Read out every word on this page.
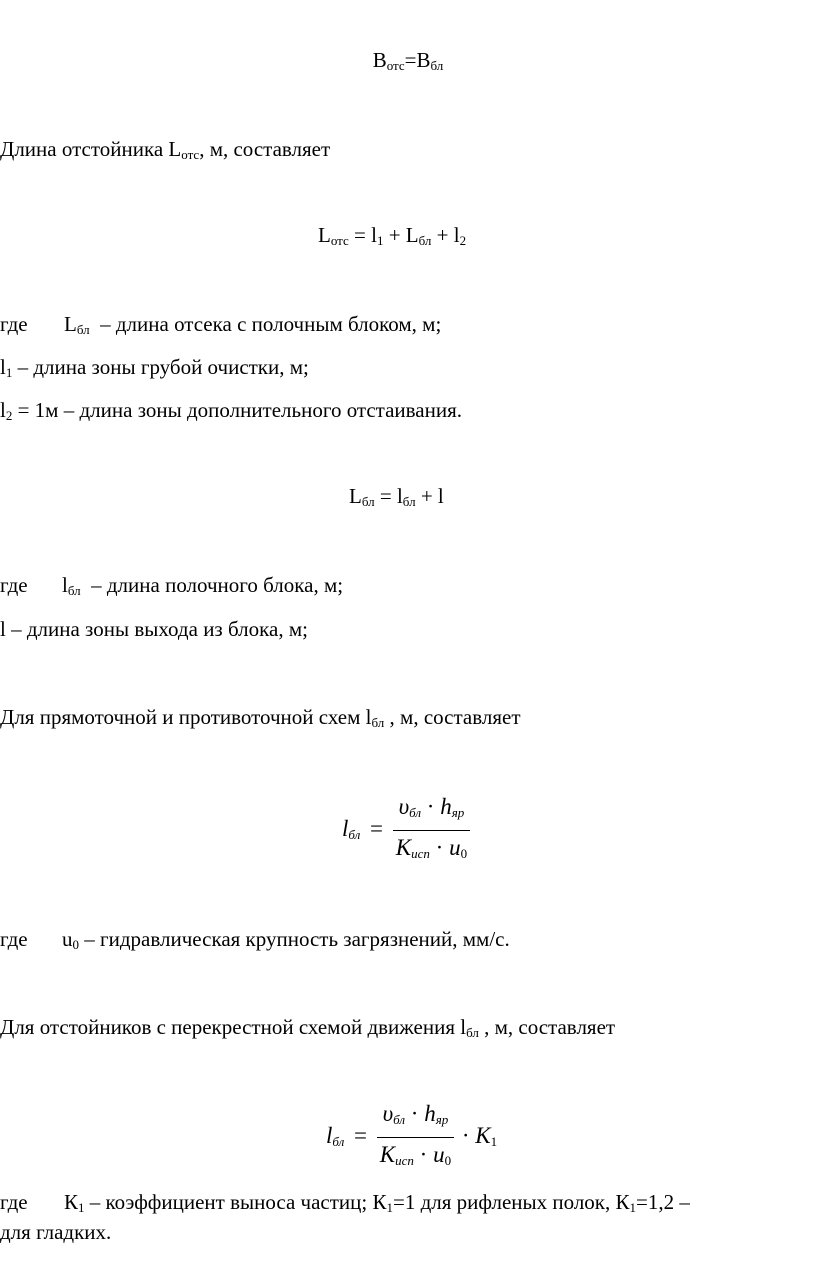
$B_{отс}=B_{бл}$
Длина отстойника $L_{отс}$, м, составляет
$L_{отс} = l_1 + L_{бл} + l_2$
где $L_{бл}$  – длина отсека с полочным блоком, м;
$l_1$ – длина зоны грубой очистки, м;
$l_2 = 1м$ – длина зоны дополнительного отстаивания.
$L_{бл} = l_{бл} + l$
где $l_{бл}$  – длина полочного блока, м;
l – длина зоны выхода из блока, м;
Для прямоточной и противоточной схем $l_{бл}$ , м, составляет
$l_{бл} = \frac{\upsilon_{бл} \cdot h_{яр}}{K_{исп} \cdot u_0}$
где $u_0$ – гидравлическая крупность загрязнений, мм/с.
Для отстойников с перекрестной схемой движения $l_{бл}$ , м, составляет
$l_{бл} = \frac{\upsilon_{бл} \cdot h_{яр}}{K_{исп} \cdot u_0} \cdot K_1$
где $К_1$ – коэффициент выноса частиц; $К_1=1$ для рифленых полок, $К_1=1,2$ –
для гладких.
